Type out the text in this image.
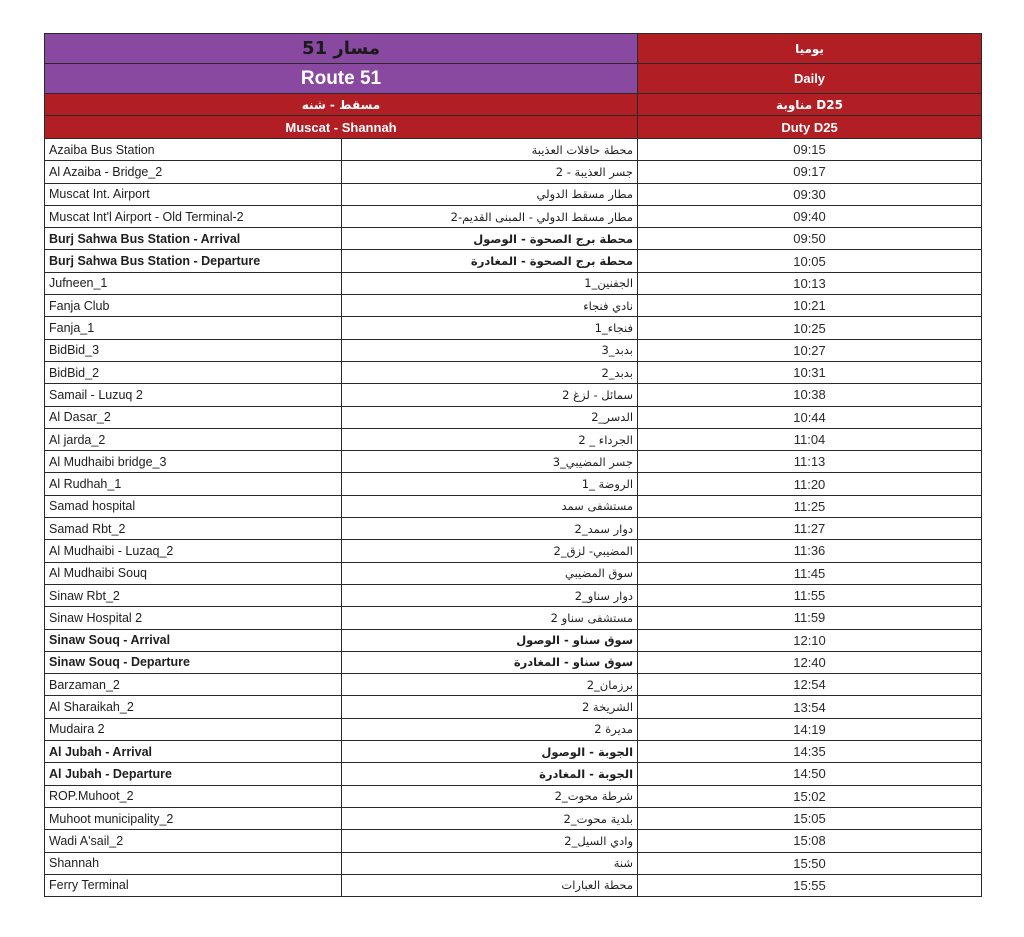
مسار 51		يوميا
Route 51		Daily
مسقط - شنه		مناوبة D25
Muscat - Shannah		Duty D25
Azaiba Bus Station	محطة حافلات العذيبة	09:15
Al Azaiba - Bridge_2	جسر العذيبة - 2	09:17
Muscat Int. Airport	مطار مسقط الدولي	09:30
Muscat Int'l Airport - Old Terminal-2	مطار مسقط الدولي - المبنى القديم-2	09:40
Burj Sahwa Bus Station - Arrival	محطة برج الصحوة - الوصول	09:50
Burj Sahwa Bus Station - Departure	محطة برج الصحوة - المغادرة	10:05
Jufneen_1	الجفنين_1	10:13
Fanja Club	نادي فنجاء	10:21
Fanja_1	فنجاء_1	10:25
BidBid_3	بدبد_3	10:27
BidBid_2	بدبد_2	10:31
Samail - Luzuq 2	سمائل - لزغ 2	10:38
Al Dasar_2	الدسر_2	10:44
Al jarda_2	الجرداء _ 2	11:04
Al Mudhaibi bridge_3	جسر المضيبي_3	11:13
Al Rudhah_1	الروضة _1	11:20
Samad hospital	مستشفى سمد	11:25
Samad Rbt_2	دوار سمد_2	11:27
Al Mudhaibi - Luzaq_2	المضيبي- لزق_2	11:36
Al Mudhaibi Souq	سوق المضيبي	11:45
Sinaw Rbt_2	دوار سناو_2	11:55
Sinaw Hospital 2	مستشفى سناو 2	11:59
Sinaw Souq - Arrival	سوق سناو - الوصول	12:10
Sinaw Souq - Departure	سوق سناو - المغادرة	12:40
Barzaman_2	برزمان_2	12:54
Al Sharaikah_2	الشريخة 2	13:54
Mudaira 2	مديرة 2	14:19
Al Jubah - Arrival	الجوبة - الوصول	14:35
Al Jubah - Departure	الجوبة - المغادرة	14:50
ROP.Muhoot_2	شرطة محوت_2	15:02
Muhoot municipality_2	بلدية محوت_2	15:05
Wadi A'sail_2	وادي السيل_2	15:08
Shannah	شنة	15:50
Ferry Terminal	محطة العبارات	15:55
